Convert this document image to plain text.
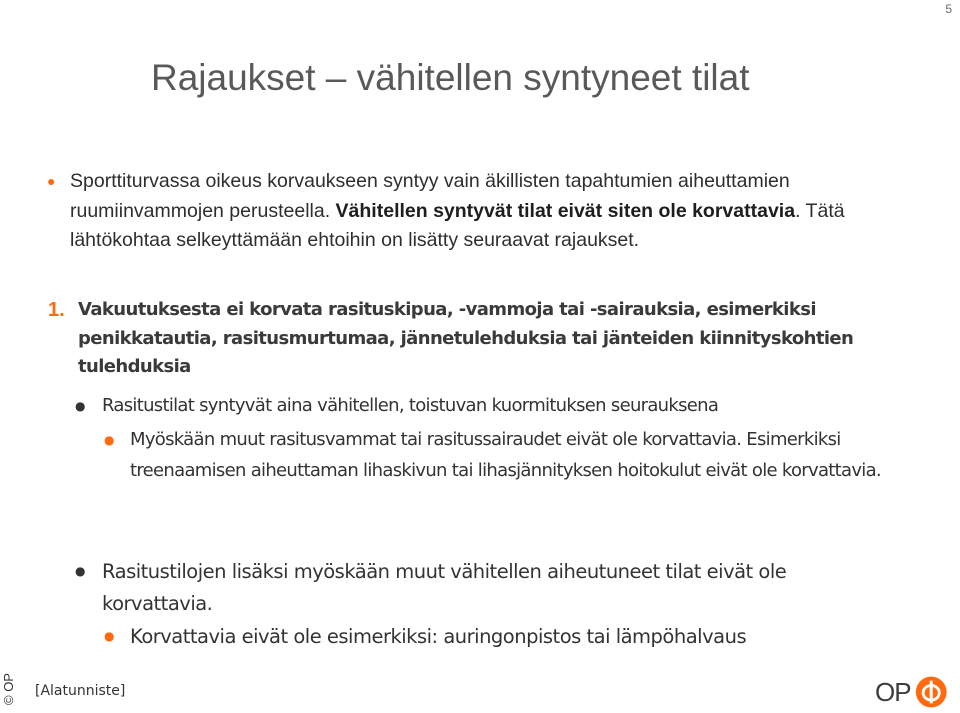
5
Rajaukset – vähitellen syntyneet tilat
● Sporttiturvassa oikeus korvaukseen syntyy vain äkillisten tapahtumien aiheuttamien ruumiinvammojen perusteella. Vähitellen syntyvät tilat eivät siten ole korvattavia. Tätä lähtökohtaa selkeyttämään ehtoihin on lisätty seuraavat rajaukset.
1. Vakuutuksesta ei korvata rasituskipua, -vammoja tai -sairauksia, esimerkiksi penikkatautia, rasitusmurtumaa, jännetulehduksia tai jänteiden kiinnityskohtien tulehduksia
● Rasitustilat syntyvät aina vähitellen, toistuvan kuormituksen seurauksena
● Myöskään muut rasitusvammat tai rasitussairaudet eivät ole korvattavia. Esimerkiksi treenaamisen aiheuttaman lihaskivun tai lihasjännityksen hoitokulut eivät ole korvattavia.
● Rasitustilojen lisäksi myöskään muut vähitellen aiheutuneet tilat eivät ole korvattavia.
● Korvattavia eivät ole esimerkiksi: auringonpistos tai lämpöhalvaus
© OP [Alatunniste]	OP
